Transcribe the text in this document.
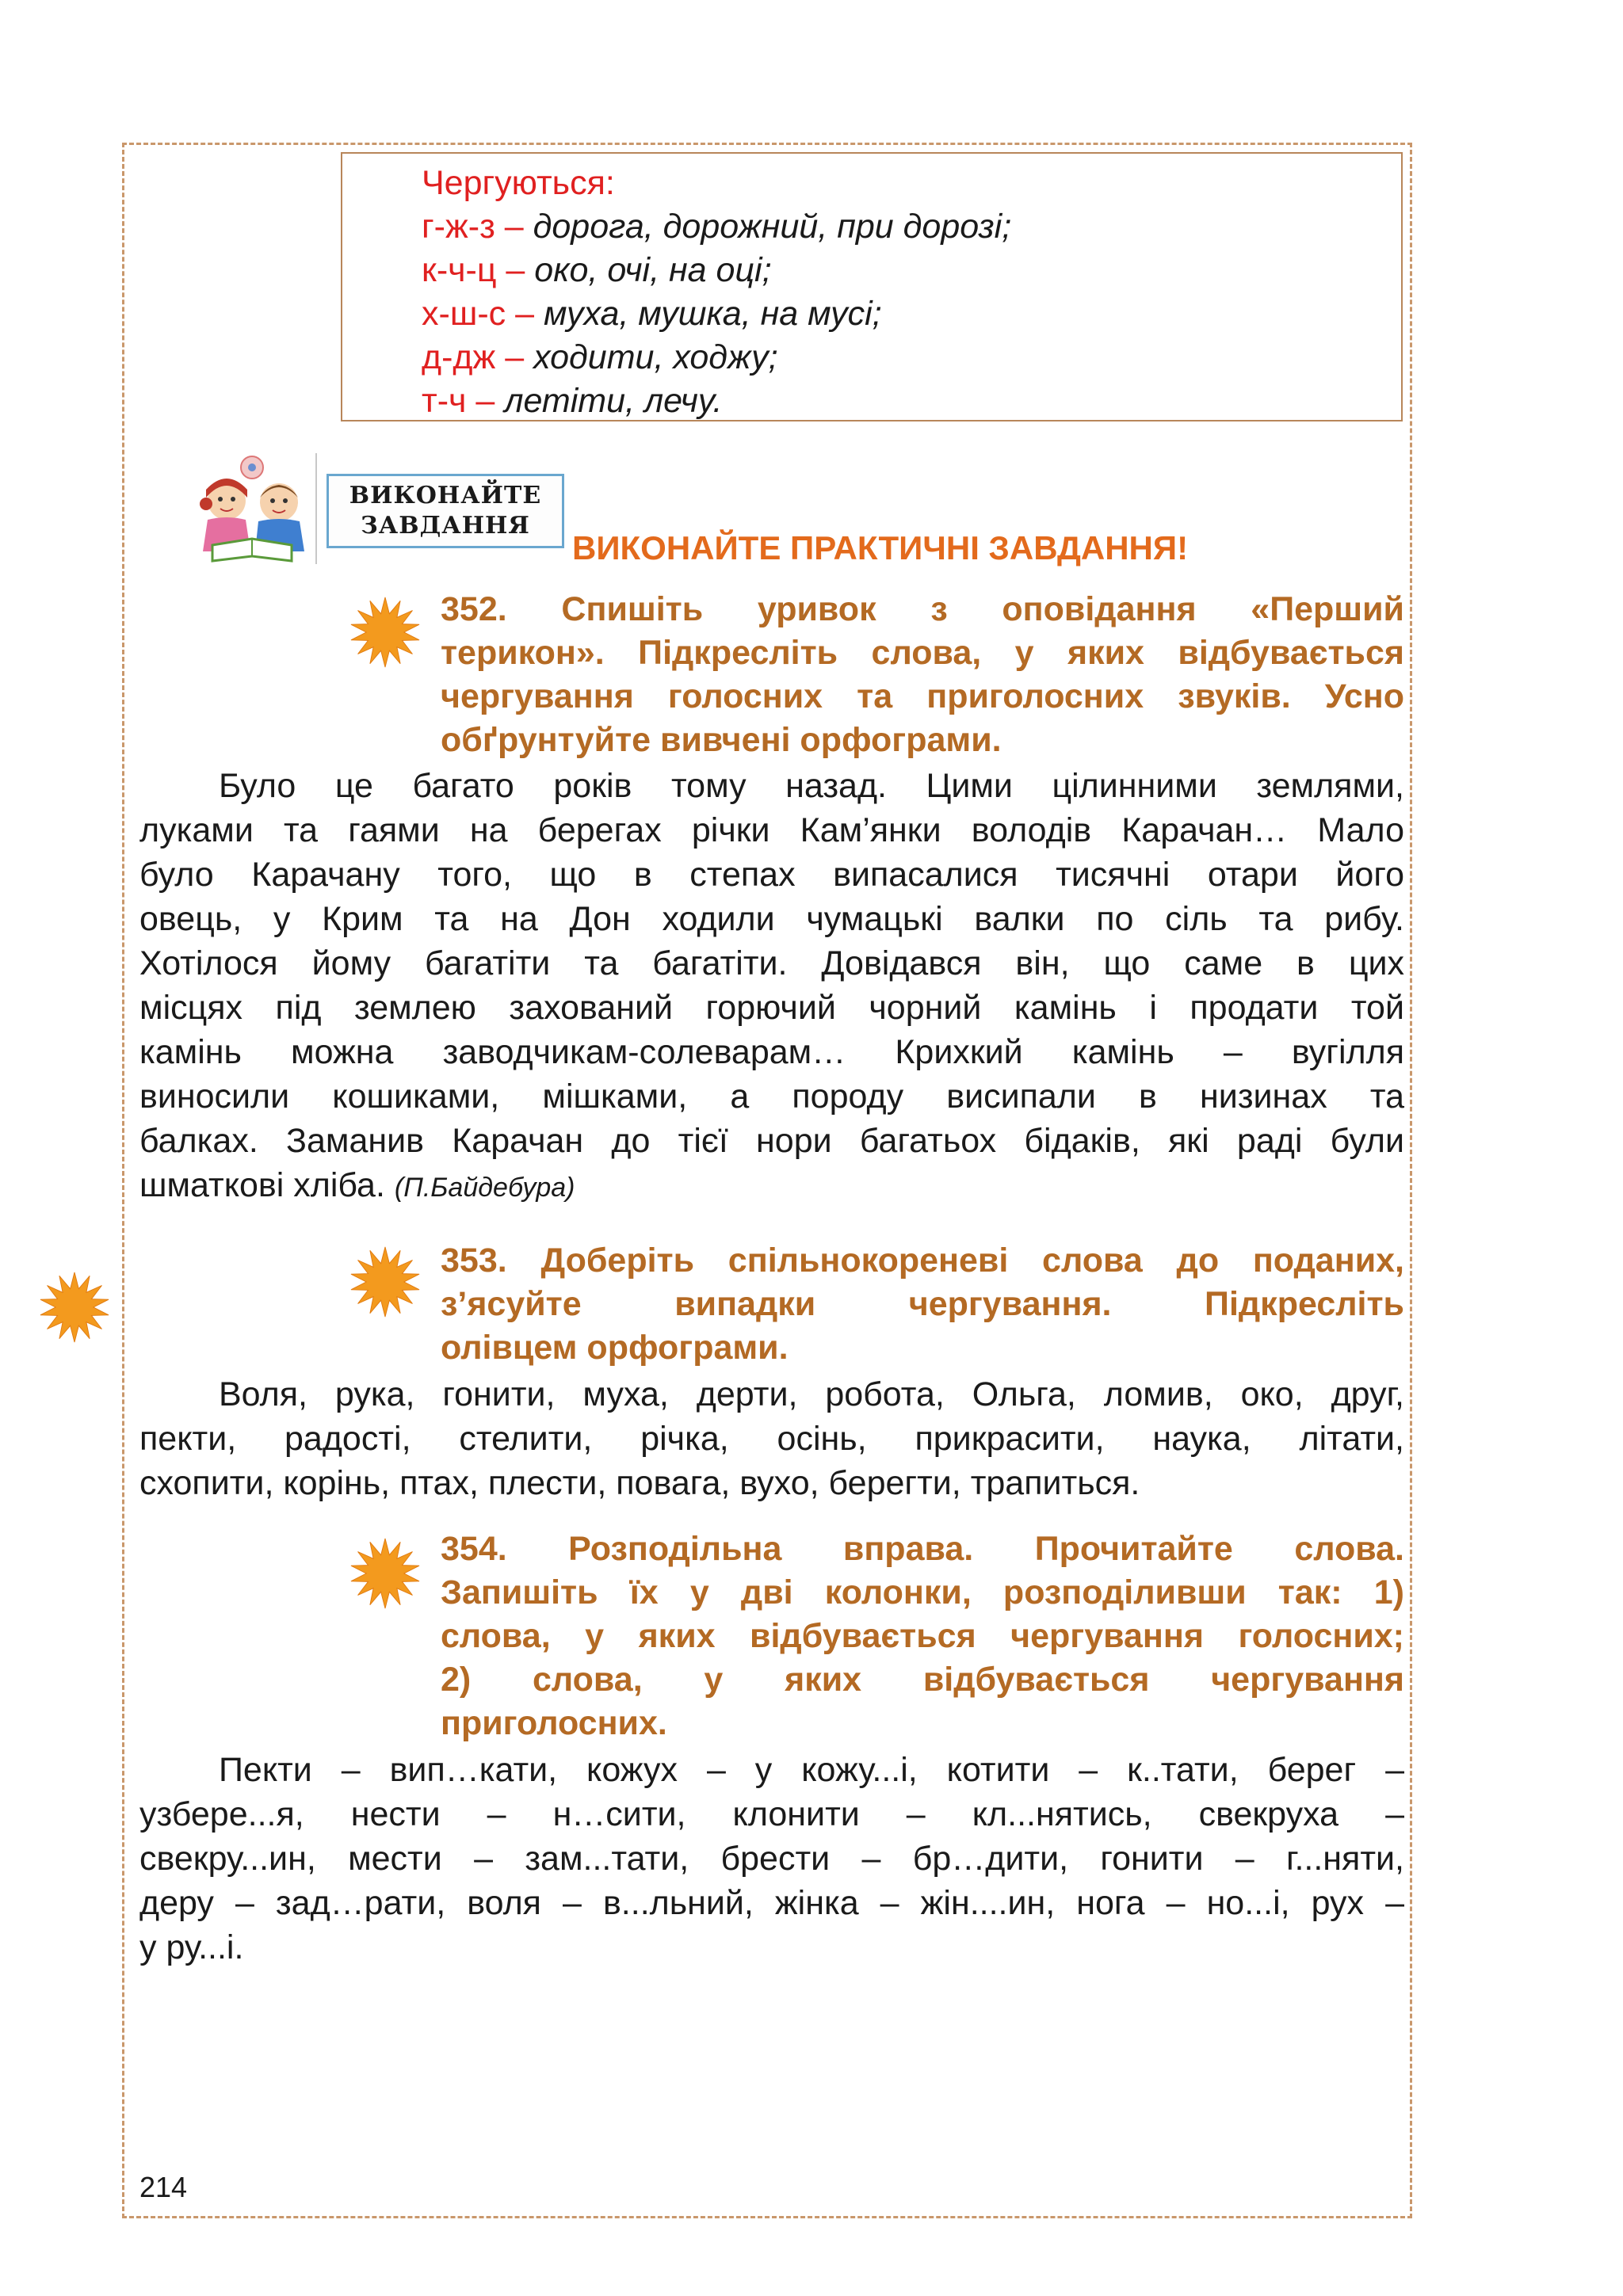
Чергуються:
г-ж-з – дорога, дорожний, при дорозі;
к-ч-ц – око, очі, на оці;
х-ш-с – муха, мушка, на мусі;
д-дж – ходити, ходжу;
т-ч – летіти, лечу.
ВИКОНАЙТЕ
ЗАВДАННЯ
ВИКОНАЙТЕ ПРАКТИЧНІ ЗАВДАННЯ!
352. Спишіть уривок з оповідання «Перший
терикон». Підкресліть слова, у яких відбувається
чергування голосних та приголосних звуків. Усно
обґрунтуйте вивчені орфограми.
Було це багато років тому назад. Цими цілинними землями,
луками та гаями на берегах річки Кам’янки володів Карачан… Мало
було Карачану того, що в степах випасалися тисячні отари його
овець, у Крим та на Дон ходили чумацькі валки по сіль та рибу.
Хотілося йому багатіти та багатіти. Довідався він, що саме в цих
місцях під землею захований горючий чорний камінь і продати той
камінь можна заводчикам-солеварам… Крихкий камінь – вугілля
виносили кошиками, мішками, а породу висипали в низинах та
балках. Заманив Карачан до тієї нори багатьох бідаків, які раді були
шматкові хліба. (П.Байдебура)
353. Доберіть спільнокореневі слова до поданих,
з’ясуйте випадки чергування. Підкресліть
олівцем орфограми.
Воля, рука, гонити, муха, дерти, робота, Ольга, ломив, око, друг,
пекти, радості, стелити, річка, осінь, прикрасити, наука, літати,
схопити, корінь, птах, плести, повага, вухо, берегти, трапиться.
354. Розподільна вправа. Прочитайте слова.
Запишіть їх у дві колонки, розподіливши так: 1)
слова, у яких відбувається чергування голосних;
2) слова, у яких відбувається чергування
приголосних.
Пекти – вип…кати, кожух – у кожу...і, котити – к..тати, берег –
узбере...я, нести – н…сити, клонити – кл...нятись, свекруха –
свекру...ин, мести – зам...тати, брести – бр…дити, гонити – г...няти,
деру – зад…рати, воля – в...льний, жінка – жін....ин, нога – но...і, рух –
у ру...і.
214
